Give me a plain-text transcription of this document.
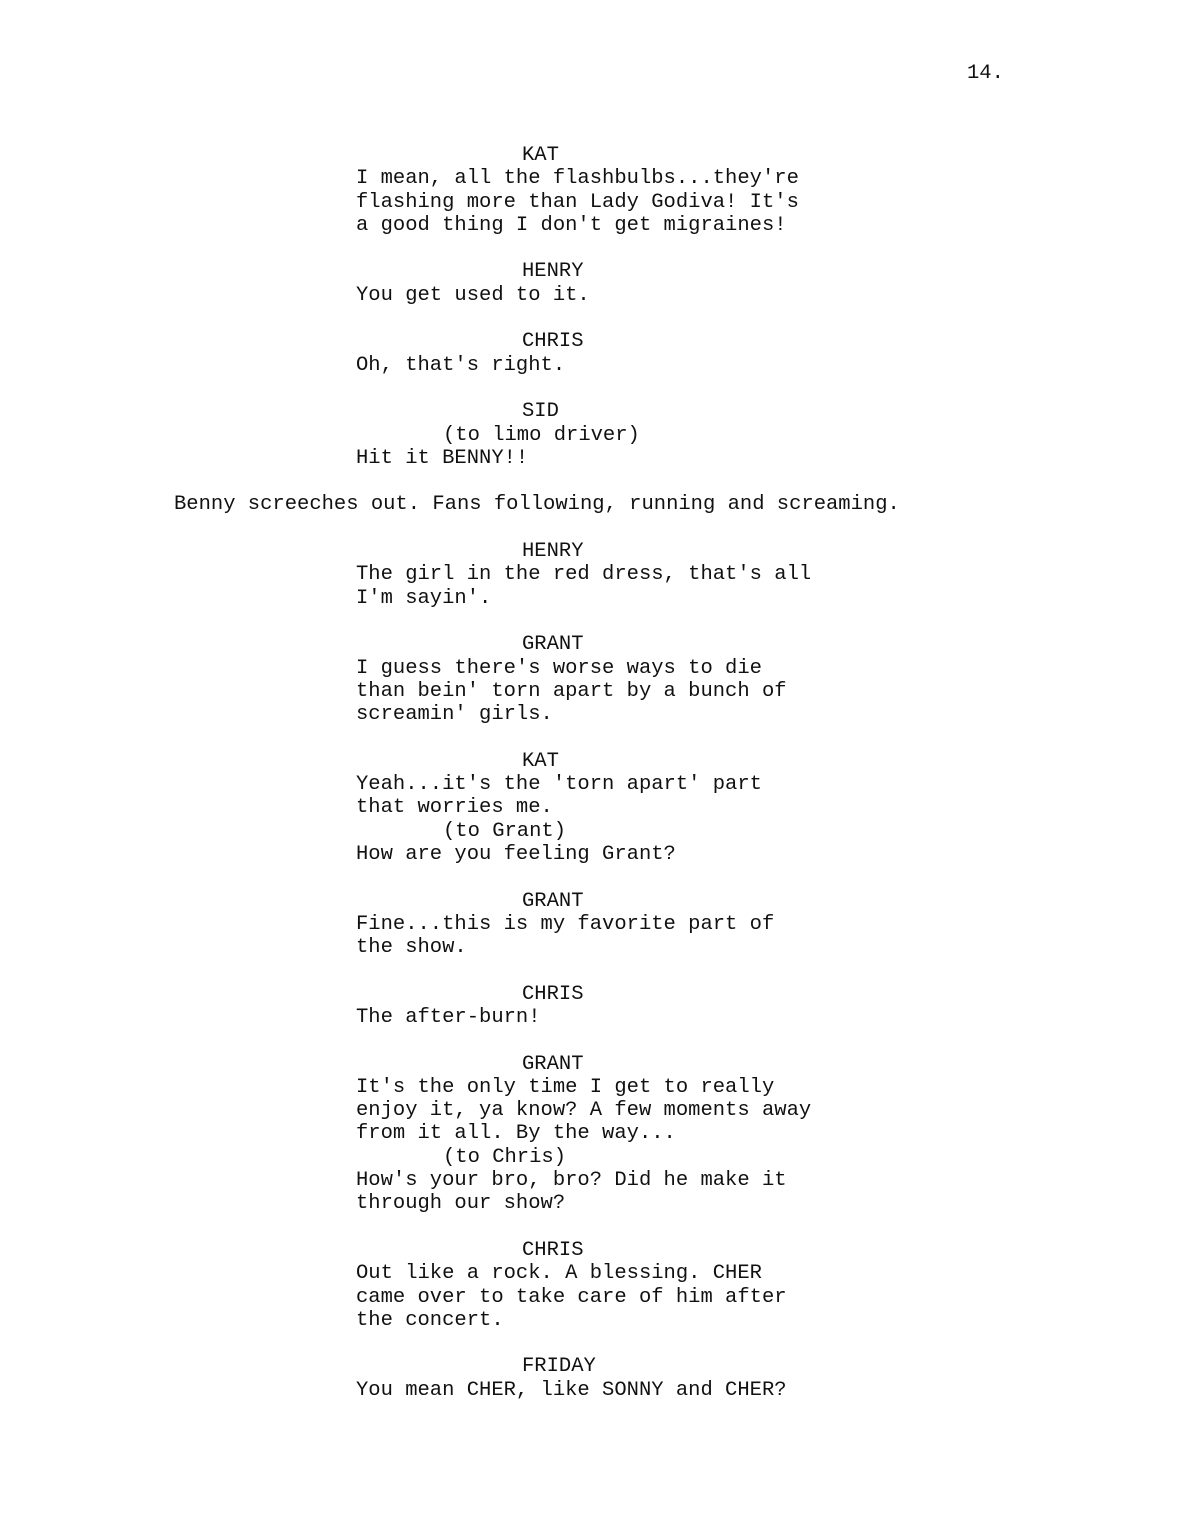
14.
KAT
I mean, all the flashbulbs...they're
flashing more than Lady Godiva! It's
a good thing I don't get migraines!
HENRY
You get used to it.
CHRIS
Oh, that's right.
SID
(to limo driver)
Hit it BENNY!!
Benny screeches out. Fans following, running and screaming.
HENRY
The girl in the red dress, that's all
I'm sayin'.
GRANT
I guess there's worse ways to die
than bein' torn apart by a bunch of
screamin' girls.
KAT
Yeah...it's the 'torn apart' part
that worries me.
(to Grant)
How are you feeling Grant?
GRANT
Fine...this is my favorite part of
the show.
CHRIS
The after-burn!
GRANT
It's the only time I get to really
enjoy it, ya know? A few moments away
from it all. By the way...
(to Chris)
How's your bro, bro? Did he make it
through our show?
CHRIS
Out like a rock. A blessing. CHER
came over to take care of him after
the concert.
FRIDAY
You mean CHER, like SONNY and CHER?
